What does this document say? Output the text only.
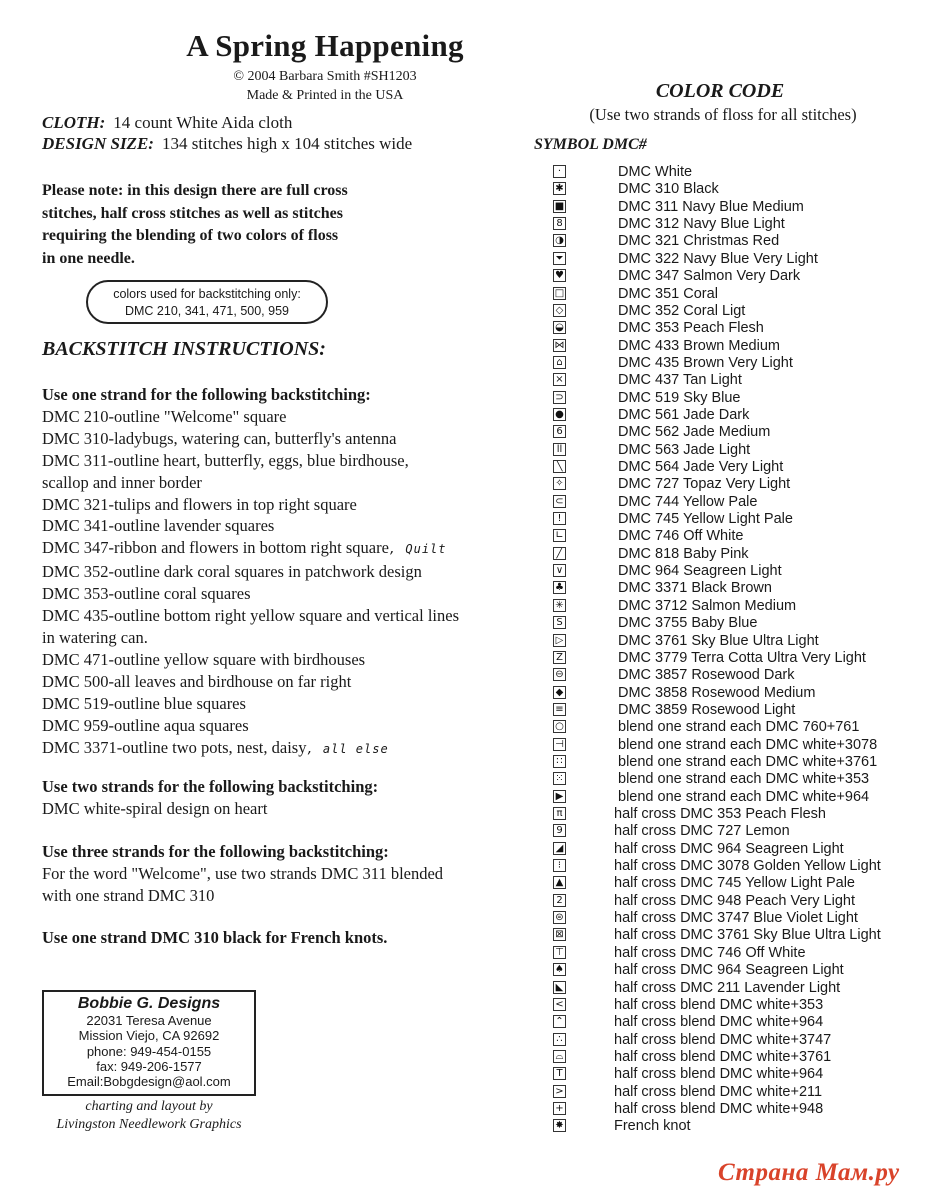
A Spring Happening
© 2004 Barbara Smith #SH1203
Made & Printed in the USA
CLOTH: 14 count White Aida cloth
DESIGN SIZE: 134 stitches high x 104 stitches wide
Please note: in this design there are full cross
stitches, half cross stitches as well as stitches
requiring the blending of two colors of floss
in one needle.
colors used for backstitching only:
DMC 210, 341, 471, 500, 959
BACKSTITCH INSTRUCTIONS:
Use one strand for the following backstitching:
DMC 210-outline "Welcome" square
DMC 310-ladybugs, watering can, butterfly's antenna
DMC 311-outline heart, butterfly, eggs, blue birdhouse,
scallop and inner border
DMC 321-tulips and flowers in top right square
DMC 341-outline lavender squares
DMC 347-ribbon and flowers in bottom right square, Quilt
DMC 352-outline dark coral squares in patchwork design
DMC 353-outline coral squares
DMC 435-outline bottom right yellow square and vertical lines
in watering can.
DMC 471-outline yellow square with birdhouses
DMC 500-all leaves and birdhouse on far right
DMC 519-outline blue squares
DMC 959-outline aqua squares
DMC 3371-outline two pots, nest, daisy, all else
Use two strands for the following backstitching:
DMC white-spiral design on heart
Use three strands for the following backstitching:
For the word "Welcome", use two strands DMC 311 blended
with one strand DMC 310
Use one strand DMC 310 black for French knots.
Bobbie G. Designs
22031 Teresa Avenue
Mission Viejo, CA 92692
phone: 949-454-0155
fax: 949-206-1577
Email:Bobgdesign@aol.com
charting and layout by
Livingston Needlework Graphics
COLOR CODE
(Use two strands of floss for all stitches)
SYMBOL DMC#
·	DMC White
✱	DMC 310 Black
■	DMC 311 Navy Blue Medium
8	DMC 312 Navy Blue Light
◑	DMC 321 Christmas Red
⏷	DMC 322 Navy Blue Very Light
♥	DMC 347 Salmon Very Dark
□	DMC 351 Coral
◇	DMC 352 Coral Ligt
◒	DMC 353 Peach Flesh
⋈	DMC 433 Brown Medium
⌂	DMC 435 Brown Very Light
×	DMC 437 Tan Light
⊃	DMC 519 Sky Blue
●	DMC 561 Jade Dark
6	DMC 562 Jade Medium
ll	DMC 563 Jade Light
╲	DMC 564 Jade Very Light
✧	DMC 727 Topaz Very Light
⊂	DMC 744 Yellow Pale
!	DMC 745 Yellow Light Pale
∟	DMC 746 Off White
╱	DMC 818 Baby Pink
∨	DMC 964 Seagreen Light
♣	DMC 3371 Black Brown
✳	DMC 3712 Salmon Medium
S	DMC 3755 Baby Blue
▷	DMC 3761 Sky Blue Ultra Light
Z	DMC 3779 Terra Cotta Ultra Very Light
⊖	DMC 3857 Rosewood Dark
◆	DMC 3858 Rosewood Medium
≡	DMC 3859 Rosewood Light
○	blend one strand each DMC 760+761
⊣	blend one strand each DMC white+3078
∷	blend one strand each DMC white+3761
⁙	blend one strand each DMC white+353
▶	blend one strand each DMC white+964
π	half cross DMC 353 Peach Flesh
9	half cross DMC 727 Lemon
◢	half cross DMC 964 Seagreen Light
⁝	half cross DMC 3078 Golden Yellow Light
▲	half cross DMC 745 Yellow Light Pale
2	half cross DMC 948 Peach Very Light
⊜	half cross DMC 3747 Blue Violet Light
⊠	half cross DMC 3761 Sky Blue Ultra Light
⊤	half cross DMC 746 Off White
♠	half cross DMC 964 Seagreen Light
◣	half cross DMC 211 Lavender Light
<	half cross blend DMC white+353
⌃	half cross blend DMC white+964
∴	half cross blend DMC white+3747
⌓	half cross blend DMC white+3761
T	half cross blend DMC white+964
>	half cross blend DMC white+211
+	half cross blend DMC white+948
✸	French knot
Страна Мам.ру
